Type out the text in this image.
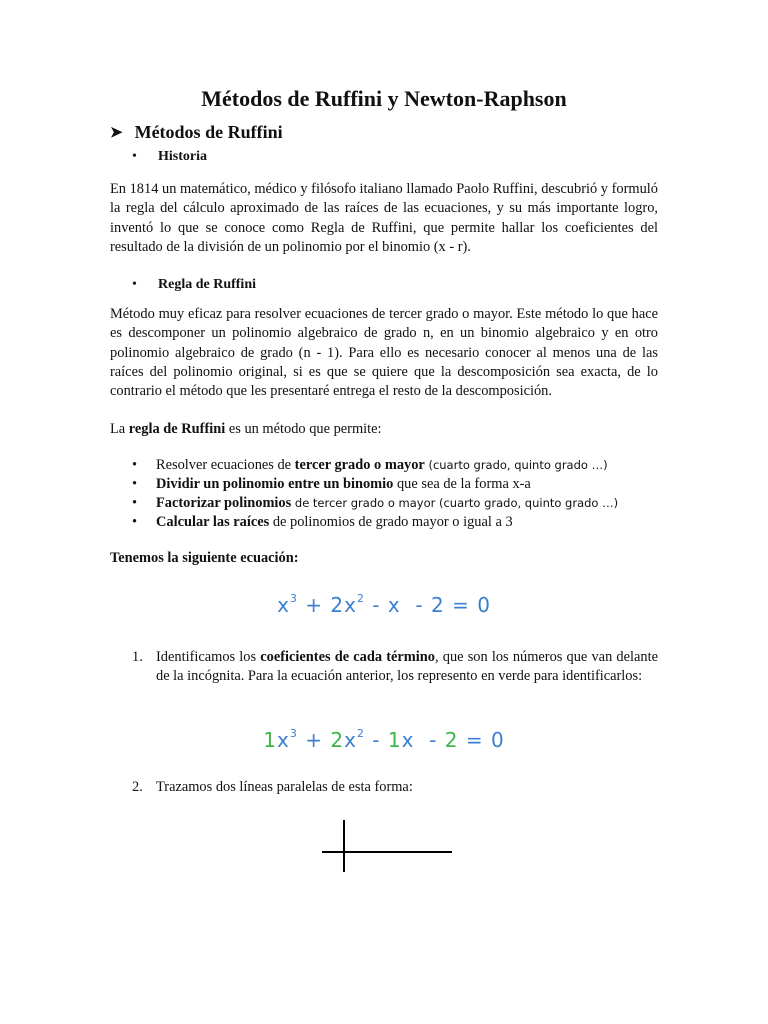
Métodos de Ruffini y Newton-Raphson
➤ Métodos de Ruffini
•	Historia

En 1814 un matemático, médico y filósofo italiano llamado Paolo Ruffini, descubrió y formuló la regla del cálculo aproximado de las raíces de las ecuaciones, y su más importante logro, inventó lo que se conoce como Regla de Ruffini, que permite hallar los coeficientes del resultado de la división de un polinomio por el binomio (x - r).

•	Regla de Ruffini

Método muy eficaz para resolver ecuaciones de tercer grado o mayor. Este método lo que hace es descomponer un polinomio algebraico de grado n, en un binomio algebraico y en otro polinomio algebraico de grado (n - 1). Para ello es necesario conocer al menos una de las raíces del polinomio original, si es que se quiere que la descomposición sea exacta, de lo contrario el método que les presentaré entrega el resto de la descomposición.

La regla de Ruffini es un método que permite:
•	Resolver ecuaciones de tercer grado o mayor (cuarto grado, quinto grado …)
•	Dividir un polinomio entre un binomio que sea de la forma x-a
•	Factorizar polinomios de tercer grado o mayor (cuarto grado, quinto grado …)
•	Calcular las raíces de polinomios de grado mayor o igual a 3
Tenemos la siguiente ecuación:
$x^3 + 2x^2 - x - 2 = 0$
1. Identificamos los coeficientes de cada término, que son los números que van delante de la incógnita. Para la ecuación anterior, los represento en verde para identificarlos:
$1x^3 + 2x^2 - 1x - 2 = 0$
2. Trazamos dos líneas paralelas de esta forma:
